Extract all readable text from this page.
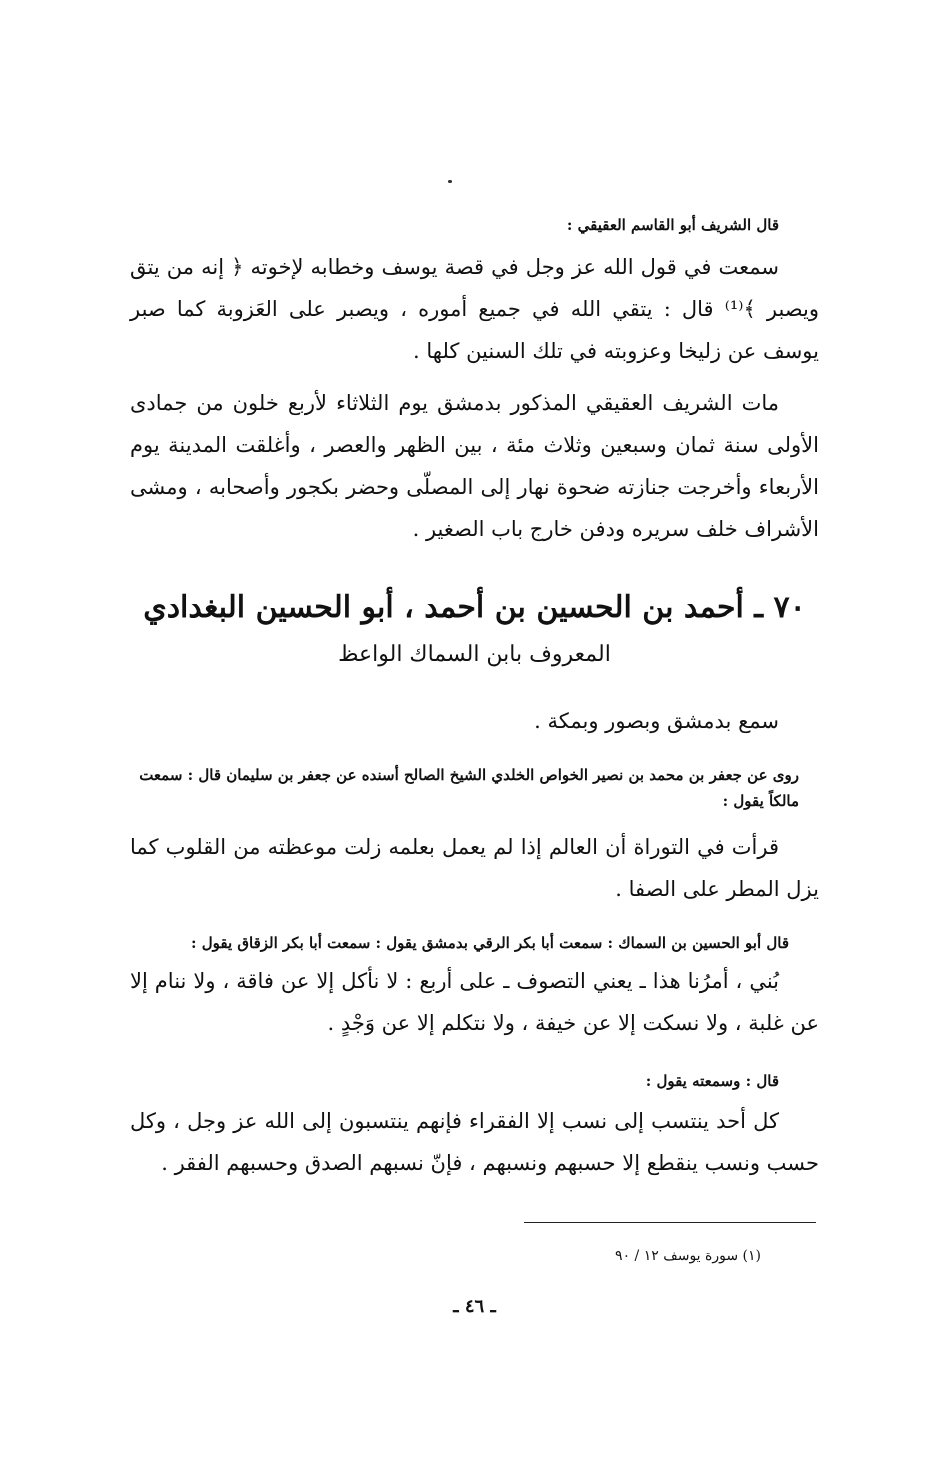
قال الشريف أبو القاسم العقيقي :
سمعت في قول الله عز وجل في قصة يوسف وخطابه لإخوته ﴿ إنه من يتق ويصبر ﴾⁽¹⁾ قال : يتقي الله في جميع أموره ، ويصبر على العَزوبة كما صبر يوسف عن زليخا وعزوبته في تلك السنين كلها .
مات الشريف العقيقي المذكور بدمشق يوم الثلاثاء لأربع خلون من جمادى الأولى سنة ثمان وسبعين وثلاث مئة ، بين الظهر والعصر ، وأغلقت المدينة يوم الأربعاء وأخرجت جنازته ضحوة نهار إلى المصلّى وحضر بكجور وأصحابه ، ومشى الأشراف خلف سريره ودفن خارج باب الصغير .
٧٠ ـ أحمد بن الحسين بن أحمد ، أبو الحسين البغدادي
المعروف بابن السماك الواعظ
سمع بدمشق وبصور وبمكة .
روى عن جعفر بن محمد بن نصير الخواص الخلدي الشيخ الصالح أسنده عن جعفر بن سليمان قال : سمعت مالكاً يقول :
قرأت في التوراة أن العالم إذا لم يعمل بعلمه زلت موعظته من القلوب كما يزل المطر على الصفا .
قال أبو الحسين بن السماك : سمعت أبا بكر الرقي بدمشق يقول : سمعت أبا بكر الزقاق يقول :
بُني ، أمرُنا هذا ـ يعني التصوف ـ على أربع : لا نأكل إلا عن فاقة ، ولا ننام إلا عن غلبة ، ولا نسكت إلا عن خيفة ، ولا نتكلم إلا عن وَجْدٍ .
قال : وسمعته يقول :
كل أحد ينتسب إلى نسب إلا الفقراء فإنهم ينتسبون إلى الله عز وجل ، وكل حسب ونسب ينقطع إلا حسبهم ونسبهم ، فإنّ نسبهم الصدق وحسبهم الفقر .
(١) سورة يوسف ١٢ / ٩٠
ـ ٤٦ ـ
